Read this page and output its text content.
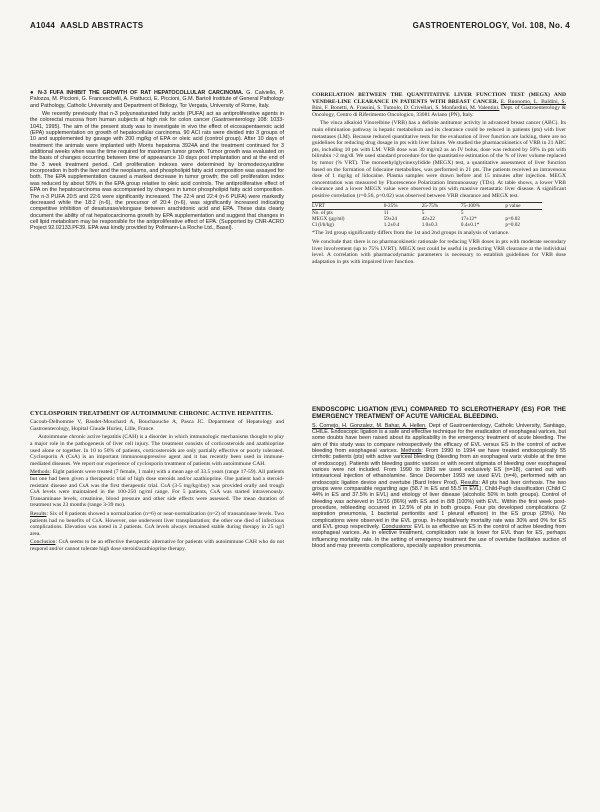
A1044 AASLD ABSTRACTS	GASTROENTEROLOGY, Vol. 108, No. 4

● N-3 FUFA INHIBIT THE GROWTH OF RAT HEPATOCOLLULAR CARCINOMA. G. Calviello, P. Palozza, M. Piccioni, G. Franceschelli, A. Frattucci, E. Piccioni, G.M. Bartoli Institute of General Pathology and Pathology, Catholic University and Department of Biology, Tor Vergata, University of Rome, Italy.

We recently previously that n-3 polyunsaturated fatty acids (PUFA) act as antiproliferative agents in the colorectal mucosa from human subjects at high risk for colon cancer (Gastroenterology 108: 1033-1041, 1995). The aim of the present study was to investigate in vivo the effect of eicosapentaenoic acid (EPA) supplementation on growth of hepatocellular carcinoma. 90 ACI rats were divided into 3 groups of 10 and supplemented by gavage with 200 mg/kg of EPA or oleic acid (control group). After 10 days of treatment the animals were implanted with Morris hepatoma 3924A and the treatment continued for 3 additional weeks when was the time required for maximum tumor growth. Tumor growth was evaluated on the basis of changes occurring between time of appearance 10 days post implantation and at the end of the 3 week treatment period. Cell proliferation indexes were determined by bromodeoxyuridine incorporation in both the liver and the neoplasms, and phospholipid fatty acid composition was assayed for both. The EPA supplementation caused a marked decrease in tumor growth; the cell proliferation index was reduced by about 50% in the EPA group relative to oleic acid controls. The antiproliferative effect of EPA on the hepatocarcinoma was accompanied by changes in tumor phospholipid fatty acid composition. The n-3 PUFA 20:5 and 22:6 were significantly increased. The 22:4 and 22:4 (n-6 PUFA) were markedly decreased while the 18:2 (n-6), the precursor of 20:4 (n-6), was significantly increased indicating competitive inhibition of desaturase/elongase between arachidonic acid and EPA. These data clearly document the ability of rat hepatocarcinoma growth by EPA supplementation and suggest that changes in cell lipid metabolism may be responsible for the antiproliferative effect of EPA. (Supported by CNR-ACRO Project 92.02133.PF39. EPA was kindly provided by Pollmann-La Roche Ltd., Basel).

CORRELATION BETWEEN THE QUANTITATIVE LIVER FUNCTION TEST (MEGX) AND VENDRE-LINE CLEARANCE IN PATIENTS WITH BREAST CANCER. E. Buonomo, L. Baldini, S. Bini, F. Bonetti, A. Frassini, S. Tumolo, D. Crivellari, S. Monfardini, M. Valentini. Dept. of Gastroenterology & Oncology, Centro di Riferimento Oncologico, 33081 Aviano (PN), Italy.

The vinca alkaloid Vinorelbine (VRB) has a definite antitumor activity in advanced breast cancer (ABC). Its main elimination pathway is hepatic metabolism and its clearance could be reduced in patients (pts) with liver metastases (LM). Because reduced quantitative tests for the evaluation of liver function are lacking, there are no guidelines for reducing drug dosage in pts with liver failure. We studied the pharmacokinetics of VRB in 21 ABC pts, including 10 pts with LM. VRB dose was 30 mg/m2 as an IV bolus, dose was reduced by 50% in pts with bilirubin >2 mg/dl. We used standard procedure for the quantitative estimation of the % of liver volume replaced by tumor (% VRT). The monoethylglycinexylidide (MEGX) test, a quantitative assessment of liver function based on the formation of lidocaine metabolites, was performed in 21 pts. The patients received an intravenous dose of 1 mg/kg of lidocaine. Plasma samples were drawn before and 15 minutes after injection. MEGX concentration was measured by Fluorescence Polarization Immunoassay (TDx). At table shows, a lower VRB clearance and a lower MEGX value were observed in pts with massive metastatic liver disease. A significant positive correlation (r=0.56, p=0.02) was observed between VRB clearance and MEGX test.

LVRT	0-25%	25-75%	75-100%	p value
No. of pts	11	5	5	
MEGX (µg/ml)	59±24	42±22	17±12*	p=0.02
Cl (l/h/kg)	1.2±0.4	1.0±0.3	0.4±0.1*	p=0.02

*The 3rd group significantly differs from the 1st and 2nd groups in analysis of variance.

We conclude that: there is no pharmacokinetic rationale for reducing VRB doses in pts with moderate secondary liver involvement (up to 75% LVRT). MEGX test could be useful in predicting VRB clearance at the individual level. A correlation with pharmacodynamic parameters is necessary to establish guidelines for VRB dose adaptation in pts with impaired liver function.

CYCLOSPORIN TREATMENT OF AUTOIMMUNE CHRONIC ACTIVE HEPATITIS.

Cacoub-Delhomme V, Baudet-Mouchard A, Bouchaouche A, Pasca JC. Department of Hepatology and Gastroenterology, Hopital Claude Huriez, Lille, France.

Autoimmune chronic active hepatitis (CAH) is a disorder in which immunologic mechanisms thought to play a major role in the pathogenesis of liver cell injury. The treatment consists of corticosteroids and azathioprine used alone or together. In 10 to 50% of patients, corticosteroids are only partially effective or poorly tolerated. Cyclosporin A (CsA) is an important immunosuppressive agent and it has recently been used in immune-mediated diseases. We report our experience of cyclosporin treatment of patients with autoimmune CAH.

Methods: Eight patients were treated (7 female, 1 male) with a mean age of 33.5 years (range 17-59). All patients but one had been given a therapeutic trial of high dose steroids and/or azathioprine. One patient had a steroid-resistant disease and CsA was the first therapeutic trial. CsA (3-5 mg/kg/day) was provided orally and trough CsA levels were maintained in the 100-250 ng/ml range. For 5 patients, CsA was started intravenously. Transaminase levels, creatinine, blood pressure and other side effects were assessed. The mean duration of treatment was 23 months (range 3-39 mo).

Results: Six of 8 patients showed a normalization (n=6) or near-normalization (n=2) of transaminase levels. Two patients had no benefits of CsA. However, one underwent liver transplantation; the other one died of infectious complications. Elevation was noted in 2 patients. CsA levels always remained stable during therapy in 25 ug/l area.

Conclusion: CsA seems to be an effective therapeutic alternative for patients with autoimmune CAH who do not respond and/or cannot tolerate high dose steroid/azathioprine therapy.

ENDOSCOPIC LIGATION (EVL) COMPARED TO SCLEROTHERAPY (ES) FOR THE EMERGENCY TREATMENT OF ACUTE VARICEAL BLEEDING.

S. Cornejo, H. Gonzalez, M. Bahar, A. Hellen. Dept of Gastroenterology, Catholic University, Santiago, CHILE. Endoscopic ligation is a safe and effective technique for the eradication of esophageal varices, but some doubts have been raised about its applicability in the emergency treatment of acute bleeding. The aim of this study was to compare retrospectively the efficacy of EVL versus ES in the control of active bleeding from esophageal varices. Methods: From 1990 to 1994 we have treated endoscopically 55 cirrhotic patients (pts) with active variceal bleeding (bleeding from an esophageal varix visible at the time of endoscopy). Patients with bleeding gastric varices or with recent stigmata of bleeding over esophageal varices were not included. From 1990 to 1993 we used exclusively ES (n=18), carried out with intravariceal injection of ethanolamine. Since December 1993 we used EVL (n=4), performed with an endoscopic ligation device and overtube (Bard Interv Prod). Results: All pts had liver cirrhosis. The two groups were comparable regarding age (58.7 in ES and 55.5 in EVL). Child-Pugh classification (Child C 44% in ES and 37.5% in EVL) and etiology of liver disease (alcoholic 50% in both groups). Control of bleeding was achieved in 15/16 (86%) with ES and in 8/8 (100%) with EVL. Within the first week post-procedure, rebleeding occurred in 12.5% of pts in both groups. Four pts developed complications (2 aspiration pneumonia, 1 bacterial peritonitis and 1 pleural effusion) in the ES group (25%). No complications were observed in the EVL group. In-hospital/early mortality rate was 30% and 0% for ES and EVL group respectively. Conclusions: EVL is as effective as ES in the control of active bleeding from esophageal varices. As in elective treatment, complication rate is lower for EVL than for ES, perhaps influencing mortality rate. In the setting of emergency treatment the use of overtube facilitates suction of blood and may prevents complications, specially aspiration pneumonia.
